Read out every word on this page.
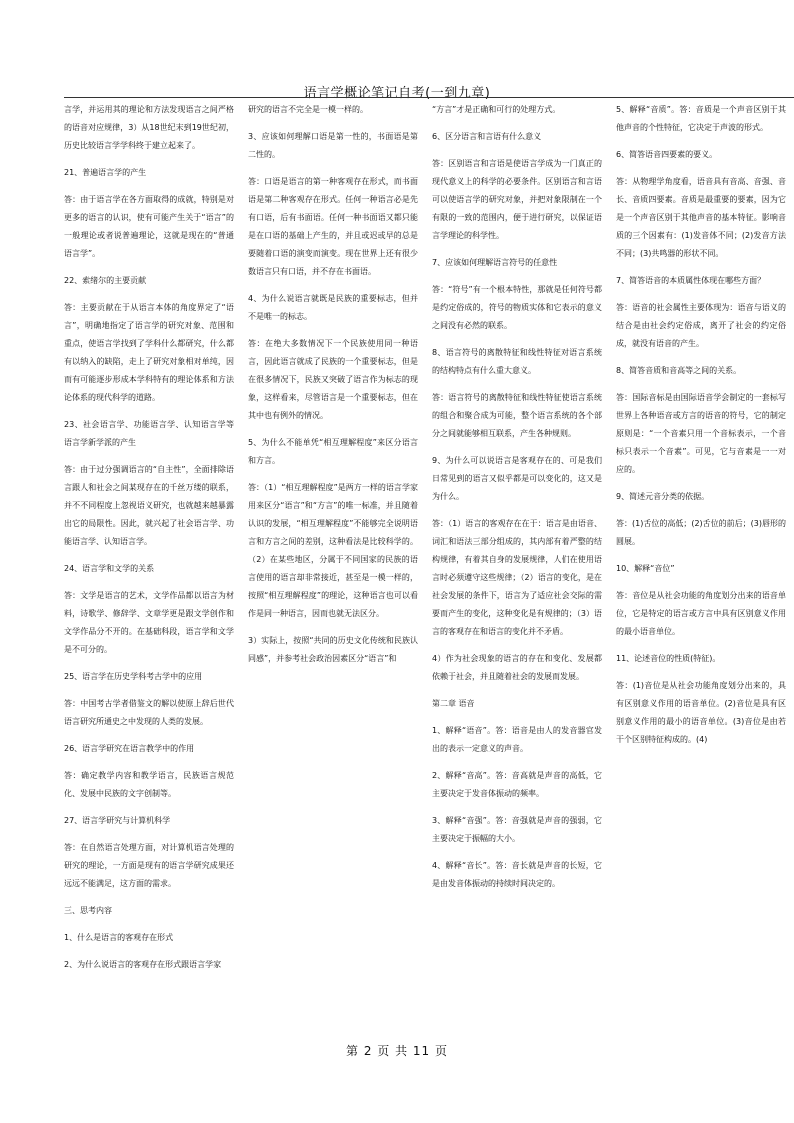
语言学概论笔记自考(一到九章)

言学，并运用其的理论和方法发现语言之间严格的语音对应规律，3）从18世纪末到19世纪初，历史比较语言学学科终于建立起来了。

21、普遍语言学的产生

答：由于语言学在各方面取得的成就，特别是对更多的语言的认识，使有可能产生关于“语言”的一般理论或者说普遍理论，这就是现在的“普通语言学”。

22、索绪尔的主要贡献

答：主要贡献在于从语言本体的角度界定了“语言”，明确地指定了语言学的研究对象、范围和重点，使语言学找到了学科什么都研究，什么都有以纳入的缺陷，走上了研究对象相对单纯，因而有可能逐步形成本学科特有的理论体系和方法论体系的现代科学的道路。

23、社会语言学、功能语言学、认知语言学等语言学新学派的产生

答：由于过分强调语言的“自主性”，全面排除语言跟人和社会之间某现存在的千丝万缕的联系，并不不同程度上忽视语义研究，也就越来越暴露出它的局限性。因此，就兴起了社会语言学、功能语言学、认知语言学。

24、语言学和文学的关系

答：文学是语言的艺术，文学作品都以语言为材料，诗歌学、修辞学、文章学更是跟文学创作和文学作品分不开的。在基础科段，语言学和文学是不可分的。

25、语言学在历史学科考古学中的应用

答：中国考古学者借鉴文的解以使原上辞后世代语言研究所通史之中发现的人类的发展。

26、语言学研究在语言教学中的作用

答：确定教学内容和教学语言，民族语言规范化、发展中民族的文字创制等。

27、语言学研究与计算机科学

答：在自然语言处理方面，对计算机语言处理的研究的理论，一方面是现有的语言学研究成果还远远不能满足，这方面的需求。

三、思考内容

1、什么是语言的客观存在形式

2、为什么说语言的客观存在形式跟语言学家

研究的语言不完全是一模一样的。

3、应该如何理解口语是第一性的，书面语是第二性的。

答：口语是语言的第一种客观存在形式，而书面语是第二种客观存在形式。任何一种语言必是先有口语，后有书面语。任何一种书面语又都只能是在口语的基础上产生的，并且或迟或早的总是要随着口语的演变而演变。现在世界上还有很少数语言只有口语，并不存在书面语。

4、为什么说语言就既是民族的重要标志，但并不是唯一的标志。

答：在绝大多数情况下一个民族使用同一种语言，因此语言就成了民族的一个重要标志，但是在很多情况下，民族又突破了语言作为标志的现象，这样看来，尽管语言是一个重要标志，但在其中也有例外的情况。

5、为什么不能单凭“相互理解程度”来区分语言和方言。

答：（1）“相互理解程度”是两方一样的语言学家用来区分“语言”和“方言”的唯一标准，并且随着认识的发展，“相互理解程度”不能够完全说明语言和方言之间的差别，这种看法是比较科学的。（2）在某些地区，分属于不同国家的民族的语言使用的语言却非常接近，甚至是一模一样的，按照“相互理解程度”的理论，这种语言也可以看作是同一种语言，因而也就无法区分。

3）实际上，按照“共同的历史文化传统和民族认同感”，并参考社会政治因素区分“语言”和

“方言”才是正确和可行的处理方式。

6、区分语言和言语有什么意义

答：区别语言和言语是使语言学成为一门真正的现代意义上的科学的必要条件。区别语言和言语可以使语言学的研究对象，并把对象限制在一个有限的一致的范围内，便于进行研究，以保证语言学理论的科学性。

7、应该如何理解语言符号的任意性

答：“符号”有一个根本特性，那就是任何符号都是约定俗成的，符号的物质实体和它表示的意义之间没有必然的联系。

8、语言符号的离散特征和线性特征对语言系统的结构特点有什么重大意义。

答：语言符号的离散特征和线性特征使语言系统的组合和聚合成为可能，整个语言系统的各个部分之间就能够相互联系，产生各种规则。

9、为什么可以说语言是客观存在的、可是我们日常见到的语言又似乎都是可以变化的，这又是为什么。

答：（1）语言的客观存在在于：语言是由语音、词汇和语法三部分组成的，其内部有着严整的结构规律，有着其自身的发展规律，人们在使用语言时必须遵守这些规律；（2）语言的变化，是在社会发展的条件下，语言为了适应社会交际的需要而产生的变化，这种变化是有规律的；（3）语言的客观存在和语言的变化并不矛盾。

4）作为社会现象的语言的存在和变化、发展都依赖于社会，并且随着社会的发展而发展。

第二章 语音

1、解释“语音”。答：语音是由人的发音器官发出的表示一定意义的声音。

2、解释“音高”。答：音高就是声音的高低，它主要决定于发音体振动的频率。

3、解释“音强”。答：音强就是声音的强弱，它主要决定于振幅的大小。

4、解释“音长”。答：音长就是声音的长短，它是由发音体振动的持续时间决定的。

5、解释“音质”。答：音质是一个声音区别于其他声音的个性特征，它决定于声波的形式。

6、简答语音四要素的要义。

答：从物理学角度看，语音具有音高、音强、音长、音质四要素。音质是最重要的要素，因为它是一个声音区别于其他声音的基本特征。影响音质的三个因素有：(1)发音体不同；(2)发音方法不同；(3)共鸣器的形状不同。

7、简答语音的本质属性体现在哪些方面？

答：语音的社会属性主要体现为：语音与语义的结合是由社会约定俗成，离开了社会的约定俗成，就没有语音的产生。

8、简答音质和音高等之间的关系。

答：国际音标是由国际语音学会制定的一套标写世界上各种语音或方言的语音的符号，它的制定原则是：“一个音素只用一个音标表示，一个音标只表示一个音素”。可见，它与音素是一一对应的。

9、简述元音分类的依据。

答：(1)舌位的高低；(2)舌位的前后；(3)唇形的圆展。

10、解释“音位”

答：音位是从社会功能的角度划分出来的语音单位，它是特定的语言或方言中具有区别意义作用的最小语音单位。

11、论述音位的性质(特征)。

答：(1)音位是从社会功能角度划分出来的，具有区别意义作用的语音单位。(2)音位是具有区别意义作用的最小的语音单位。(3)音位是由若干个区别特征构成的。(4)

第 2 页 共 11 页
